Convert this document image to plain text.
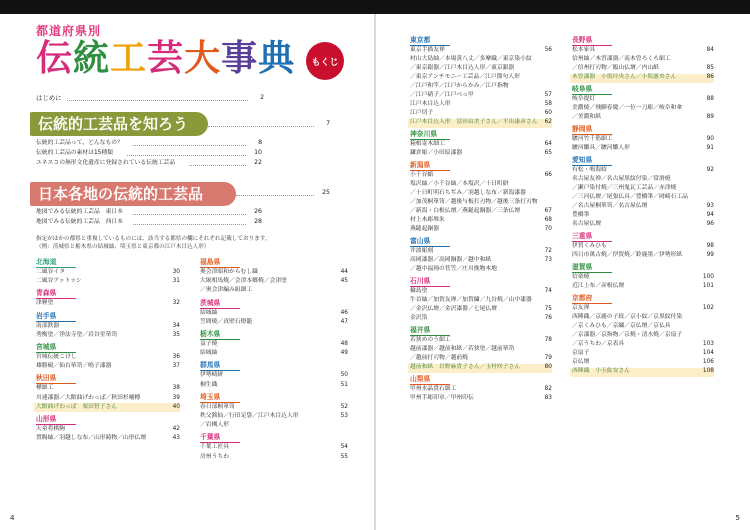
都道府県別
伝統工芸大事典	もくじ
伝統的工芸品を知ろう
日本各地の伝統的工芸品
はじめに	2
7
伝統的工芸品って、どんなもの？	8
伝統的工芸品の素材は15種類	10
ユネスコの無形文化遺産に登録されている伝統工芸品	22
25
地図でみる伝統的工芸品　東日本	26
地図でみる伝統的工芸品　西日本	28
指定がほかの都県と重複しているものには、該当する都県の欄にそれぞれ記載しております。
（例：茨城県と栃木県の結城紬、埼玉県と東京都の江戸木目込人形）
北海道
二風谷イタ	30
二風谷アットゥシ	31
青森県
津軽塗	32
岩手県
南部鉄器	34
秀衡塗／浄法寺塗／岩谷堂箪笥	35
宮城県
宮城伝統こけし	36
雄勝硯／仙台箪笥／鳴子漆器	37
秋田県
樺細工	38
川連漆器／大館曲げわっぱ／秋田杉桶樽	39
大館曲げわっぱ　栗田智子さん	40
山形県
天童将棋駒	42
置賜紬／羽越しな布／山形鋳物／山形仏壇	43
福島県
奥会津昭和からむし織	44
大堀相馬焼／会津本郷焼／会津塗	45
／奥会津編み組細工
茨城県
結城紬	46
笠間焼／真壁石燈籠	47
栃木県
益子焼	48
結城紬	49
群馬県
伊勢崎絣	50
桐生織	51
埼玉県
春日部桐箪笥	52
秩父銘仙／行田足袋／江戸木目込人形	53
／岩槻人形
千葉県
千葉工匠具	54
房州うちわ	55
東京都
東京手描友禅	56
村山大島紬／本場黄八丈／多摩織／東京染小紋
／東京銀器／江戸木目込人形／東京銀器
／東京アンチモニー工芸品／江戸節句人形
／江戸和竿／江戸からかみ／江戸指物
／江戸硝子／江戸べっ甲	57
江戸木目込人形	58
江戸切子	60
江戸木目込人形　冨田由美子さん／平出康彦さん	62
神奈川県
箱根寄木細工	64
鎌倉彫／小田原漆器	65
新潟県
小千谷縮	66
塩沢紬／小千谷紬／本塩沢／十日町絣
／十日町明石ちぢみ／羽越しな布／新潟漆器
／加茂桐箪笥／越後与板打刃物／越後三条打刃物
／新潟・白根仏壇／燕鎚起銅器／三条仏壇	67
村上木彫堆朱	68
燕鎚起銅器	70
富山県
井波彫刻	72
高岡漆器／高岡銅器／越中和紙	73
／越中福岡の菅笠／庄川挽物木地
石川県
輪島塗	74
牛首紬／加賀友禅／加賀繍／九谷焼／山中漆器
／金沢仏壇／金沢漆器／七尾仏壇	75
金沢箔	76
福井県
若狭めのう細工	78
越前漆器／越前和紙／若狭塗／越前箪笥
／越前打刃物／越前焼	79
越前和紙　岩野麻貴子さん／玉村咲子さん	80
山梨県
甲州水晶貴石細工	82
甲州手彫印章／甲州印伝	83
長野県
松本家具	84
信州紬／木曽漆器／南木曽ろくろ細工
／信州打刃物／飯山仏壇／内山紙	85
木曽漆器　小坂玲央さん／小坂憲央さん	86
岐阜県
岐阜提灯	88
美濃焼／飛騨春慶／一位一刀彫／岐阜和傘
／美濃和紙	89
静岡県
駿河竹千筋細工	90
駿河雛具／駿河雛人形	91
愛知県
有松・鳴海絞	92
名古屋友禅／名古屋黒紋付染／常滑焼
／瀬戸染付焼／三州鬼瓦工芸品／赤津焼
／三河仏壇／尾張仏具／豊橋筆／岡崎石工品
／名古屋桐箪笥／名古屋仏壇	93
豊橋筆	94
名古屋仏壇	96
三重県
伊賀くみひも	98
四日市萬古焼／伊賀焼／鈴鹿墨／伊勢形紙	99
滋賀県
信楽焼	100
近江上布／彦根仏壇	101
京都府
京友禅	102
西陣織／京鹿の子絞／京小紋／京黒紋付染
／京くみひも／京繍／京仏壇／京仏具
／京漆器／京指物／京焼・清水焼／京扇子
／京うちわ／京表具	103
京扇子	104
京仏壇	106
西陣織　小玉紘安さん	108
4	5
